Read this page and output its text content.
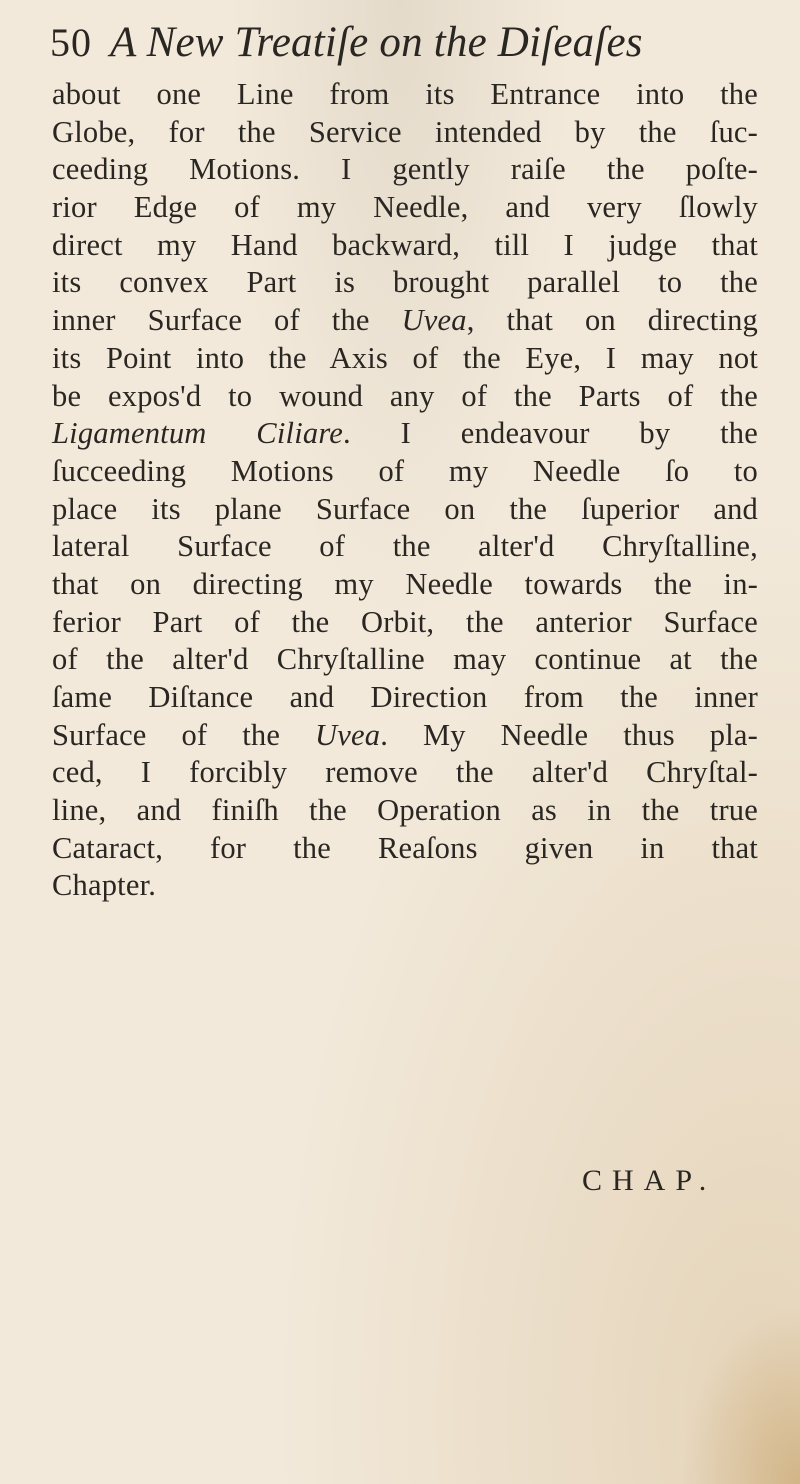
50 A New Treatiſe on the Diſeaſes
about one Line from its Entrance into the
Globe, for the Service intended by the ſuc-
ceeding Motions. I gently raiſe the poſte-
rior Edge of my Needle, and very ſlowly
direct my Hand backward, till I judge that
its convex Part is brought parallel to the
inner Surface of the Uvea, that on directing
its Point into the Axis of the Eye, I may not
be expos'd to wound any of the Parts of the
Ligamentum Ciliare. I endeavour by the
ſucceeding Motions of my Needle ſo to
place its plane Surface on the ſuperior and
lateral Surface of the alter'd Chryſtalline,
that on directing my Needle towards the in-
ferior Part of the Orbit, the anterior Surface
of the alter'd Chryſtalline may continue at the
ſame Diſtance and Direction from the inner
Surface of the Uvea. My Needle thus pla-
ced, I forcibly remove the alter'd Chryſtal-
line, and finiſh the Operation as in the true
Cataract, for the Reaſons given in that
Chapter.
CHAP.
